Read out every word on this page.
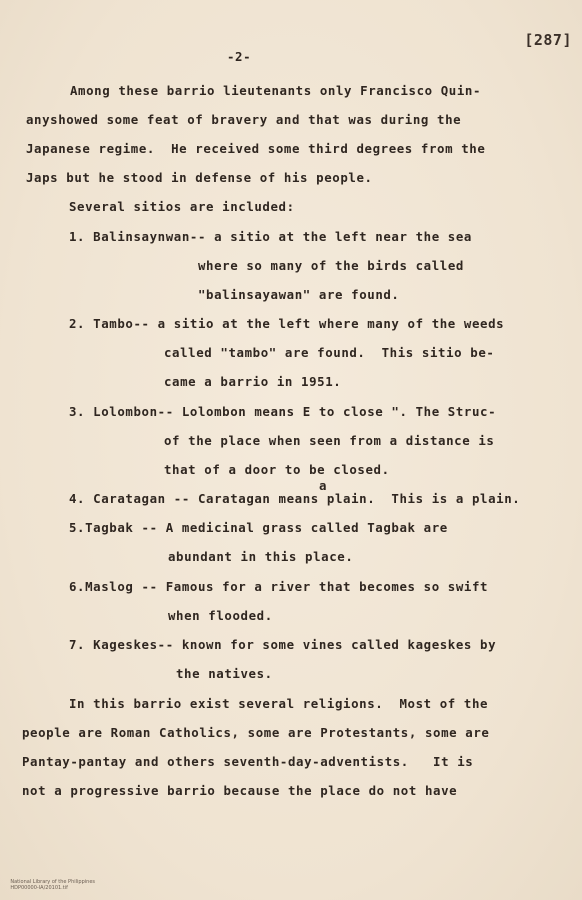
-2-
[287]
Among these barrio lieutenants only Francisco Quin-
anyshowed some feat of bravery and that was during the
Japanese regime.  He received some third degrees from the
Japs but he stood in defense of his people.
Several sitios are included:
1. Balinsaynwan-- a sitio at the left near the sea
where so many of the birds called
"balinsayawan" are found.
2. Tambo-- a sitio at the left where many of the weeds
called "tambo" are found.  This sitio be-
came a barrio in 1951.
3. Lolombon-- Lolombon means E to close ". The Struc-
of the place when seen from a distance is
that of a door to be closed.
a
4. Caratagan -- Caratagan means plain.  This is a plain.
5.Tagbak -- A medicinal grass called Tagbak are
abundant in this place.
6.Maslog -- Famous for a river that becomes so swift
when flooded.
7. Kageskes-- known for some vines called kageskes by
the natives.
In this barrio exist several religions.  Most of the
people are Roman Catholics, some are Protestants, some are
Pantay-pantay and others seventh-day-adventists.   It is
not a progressive barrio because the place do not have

National Library of the Philippines
HDP00000-IA/20101.tif
